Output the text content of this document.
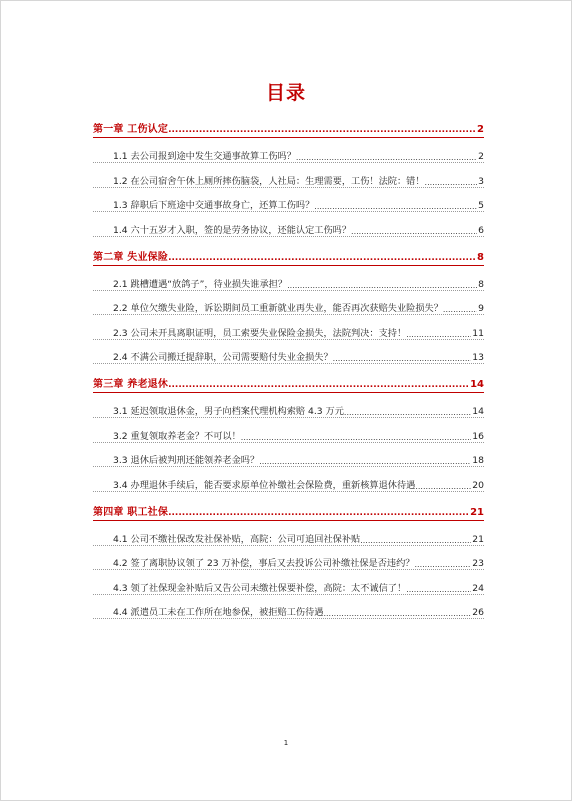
目录
第一章 工伤认定 .....	2
1.1 去公司报到途中发生交通事故算工伤吗？ .....	2
1.2 在公司宿舍午休上厕所摔伤脑袋，人社局：生理需要，工伤！法院：错！ .....	3
1.3 辞职后下班途中交通事故身亡，还算工伤吗？ .....	5
1.4 六十五岁才入职，签的是劳务协议，还能认定工伤吗？ .....	6
第二章 失业保险 .....	8
2.1 跳槽遭遇“放鸽子”，待业损失谁承担？ .....	8
2.2 单位欠缴失业险，诉讼期间员工重新就业再失业，能否再次获赔失业险损失？ .....	9
2.3 公司未开具离职证明，员工索要失业保险金损失，法院判决：支持！ .....	11
2.4 不满公司搬迁提辞职，公司需要赔付失业金损失？ .....	13
第三章 养老退休 .....	14
3.1 延迟领取退休金，男子向档案代理机构索赔 4.3 万元 .....	14
3.2 重复领取养老金？不可以！ .....	16
3.3 退休后被判刑还能领养老金吗？ .....	18
3.4 办理退休手续后，能否要求原单位补缴社会保险费，重新核算退休待遇 .....	20
第四章 职工社保 .....	21
4.1 公司不缴社保改发社保补贴，高院：公司可追回社保补贴 .....	21
4.2 签了离职协议领了 23 万补偿，事后又去投诉公司补缴社保是否违约？ .....	23
4.3 领了社保现金补贴后又告公司未缴社保要补偿，高院：太不诚信了！ .....	24
4.4 派遣员工未在工作所在地参保，被拒赔工伤待遇 .....	26
1
